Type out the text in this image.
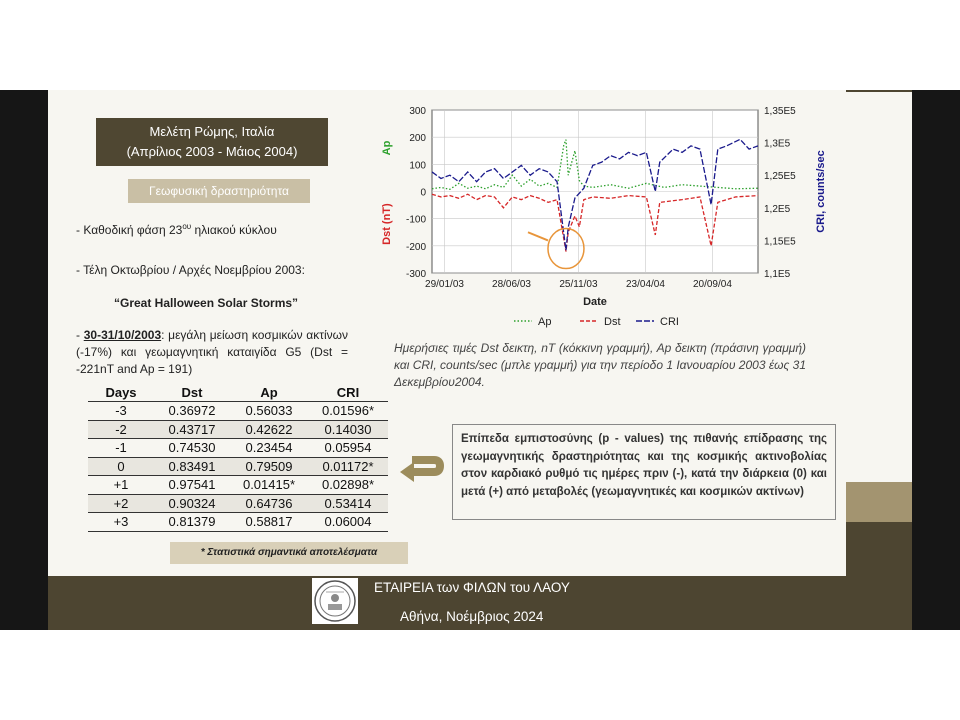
Μελέτη Ρώμης, Ιταλία
(Απρίλιος 2003 - Μάιος 2004)
Γεωφυσική δραστηριότητα
- Καθοδική φάση $23^{o\upsilon}$ ηλιακού κύκλου
- Τέλη Οκτωβρίου / Αρχές Νοεμβρίου 2003:
“Great Halloween Solar Storms”
- 30-31/10/2003: μεγάλη μείωση κοσμικών ακτίνων (-17%) και γεωμαγνητική καταιγίδα G5 (Dst = -221nT and Ap = 191)
Days	Dst	Ap	CRI
-3	0.36972	0.56033	0.01596*
-2	0.43717	0.42622	0.14030
-1	0.74530	0.23454	0.05954
0	0.83491	0.79509	0.01172*
+1	0.97541	0.01415*	0.02898*
+2	0.90324	0.64736	0.53414
+3	0.81379	0.58817	0.06004
* Στατιστικά σημαντικά αποτελέσματα
300
200
100
0
-100
-200
-300
1,35E5
1,3E5
1,25E5
1,2E5
1,15E5
1,1E5
29/01/03	28/06/03	25/11/03	23/04/04	20/09/04
Date
Ap
Dst (nT)	CRI, counts/sec
Ap	Dst	CRI
Ημερήσιες τιμές Dst δεικτη, nT (κόκκινη γραμμή), Ap δεικτη (πράσινη γραμμή) και CRI, counts/sec (μπλε γραμμή) για την περίοδο 1 Ιανουαρίου 2003 έως 31 Δεκεμβρίου2004.
Επίπεδα εμπιστοσύνης (p - values) της πιθανής επίδρασης της γεωμαγνητικής δραστηριότητας και της κοσμικής ακτινοβολίας στον καρδιακό ρυθμό τις ημέρες πριν (-), κατά την διάρκεια (0) και μετά (+) από μεταβολές (γεωμαγνητικές και κοσμικών ακτίνων)
ΕΤΑΙΡΕΙΑ των ΦΙΛΩΝ του ΛΑΟΥ
Αθήνα, Νοέμβριος 2024
